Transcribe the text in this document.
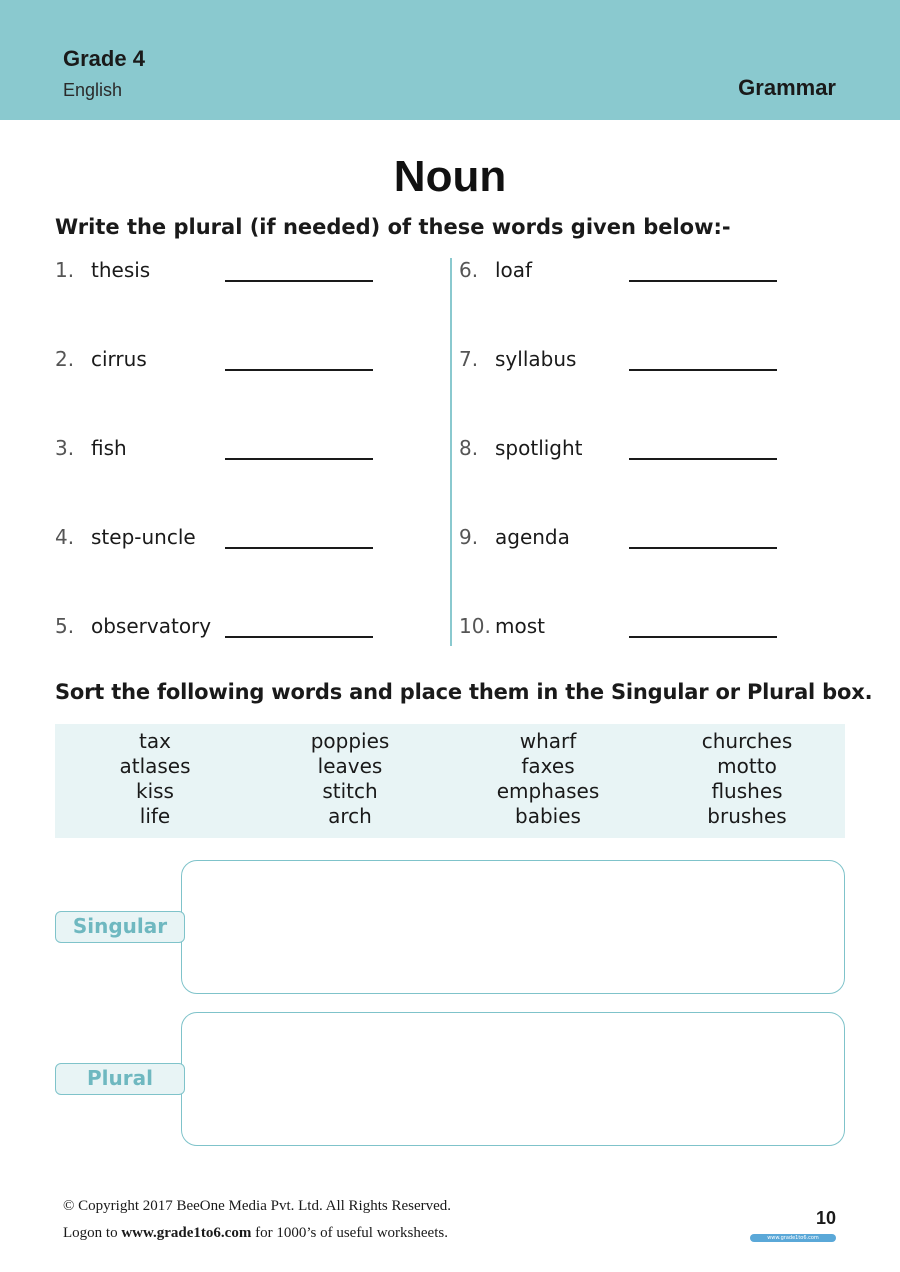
Grade 4
English	Grammar
Noun
Write the plural (if needed) of these words given below:-
1. thesis
2. cirrus
3. fish
4. step-uncle
5. observatory
6. loaf
7. syllabus
8. spotlight
9. agenda
10. most
Sort the following words and place them in the Singular or Plural box.
tax
atlases
kiss
life
poppies
leaves
stitch
arch
wharf
faxes
emphases
babies
churches
motto
flushes
brushes
Singular
Plural
© Copyright 2017 BeeOne Media Pvt. Ltd. All Rights Reserved.
Logon to www.grade1to6.com for 1000’s of useful worksheets.
10
www.grade1to6.com
